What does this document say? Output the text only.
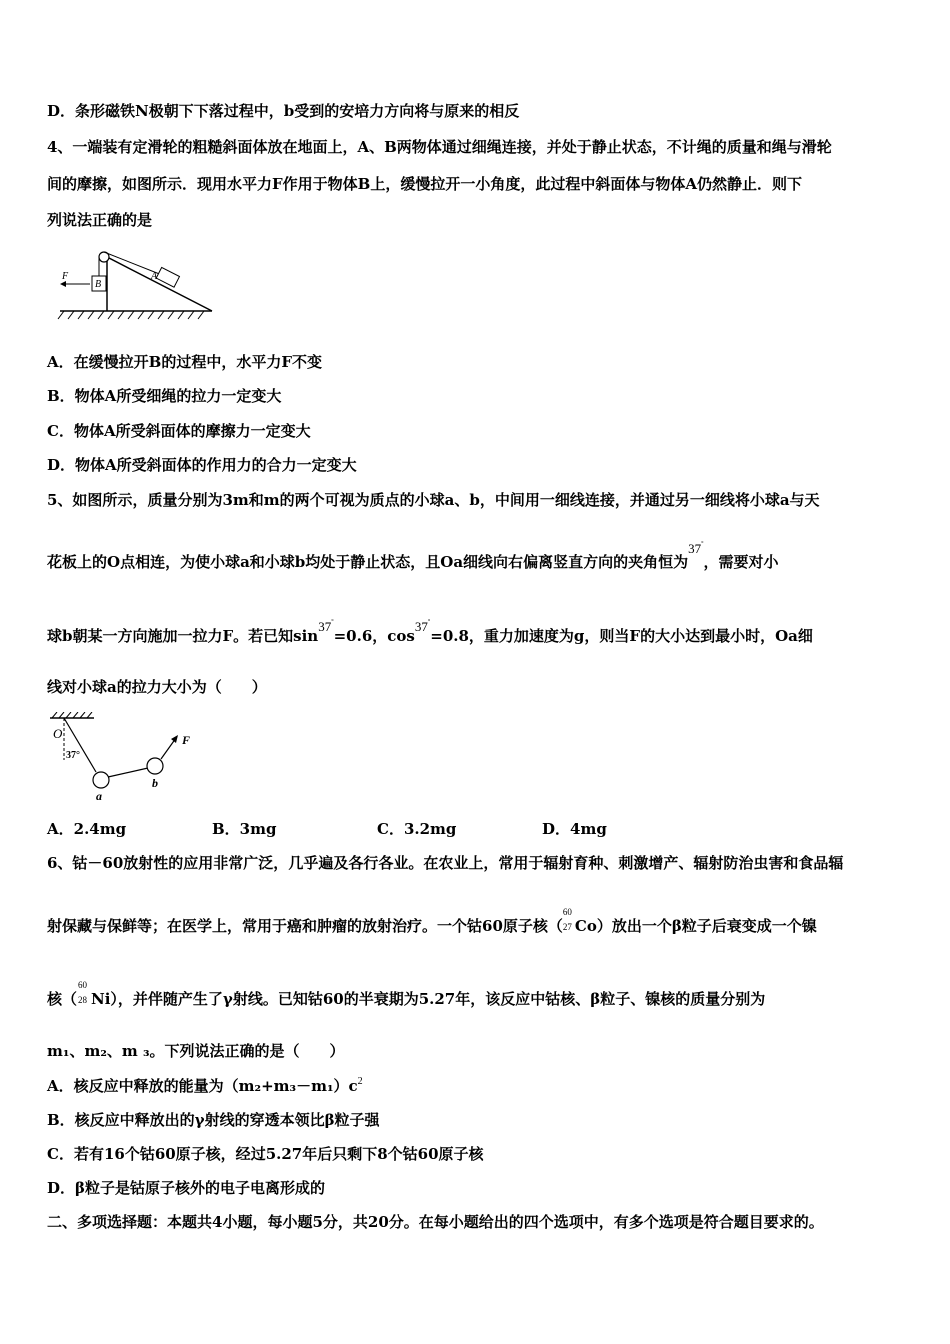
D．条形磁铁N极朝下下落过程中，b受到的安培力方向将与原来的相反
4、一端装有定滑轮的粗糙斜面体放在地面上，A、B两物体通过细绳连接，并处于静止状态，不计绳的质量和绳与滑轮
间的摩擦，如图所示．现用水平力F作用于物体B上，缓慢拉开一小角度，此过程中斜面体与物体A仍然静止．则下
列说法正确的是
A
B
F
A．在缓慢拉开B的过程中，水平力F不变
B．物体A所受细绳的拉力一定变大
C．物体A所受斜面体的摩擦力一定变大
D．物体A所受斜面体的作用力的合力一定变大
5、如图所示，质量分别为3m和m的两个可视为质点的小球a、b，中间用一细线连接，并通过另一细线将小球a与天
花板上的O点相连，为使小球a和小球b均处于静止状态，且Oa细线向右偏离竖直方向的夹角恒为37°，需要对小
球b朝某一方向施加一拉力F。若已知sin37°=0.6，cos37°=0.8，重力加速度为g，则当F的大小达到最小时，Oa细
线对小球a的拉力大小为（　　）
O
37°
a
b
F
A．2.4mg	B．3mg	C．3.2mg	D．4mg
6、钴－60放射性的应用非常广泛，几乎遍及各行各业。在农业上，常用于辐射育种、刺激增产、辐射防治虫害和食品辐
射保藏与保鲜等；在医学上，常用于癌和肿瘤的放射治疗。一个钴60原子核（
60
27 Co）放出一个β粒子后衰变成一个镍
核（
60
28 Ni），并伴随产生了γ射线。已知钴60的半衰期为5.27年，该反应中钴核、β粒子、镍核的质量分别为
m₁、m₂、m ₃。下列说法正确的是（　　）
A．核反应中释放的能量为$(m_2+m_3-m_1)c^2$
B．核反应中释放出的γ射线的穿透本领比β粒子强
C．若有16个钴60原子核，经过5.27年后只剩下8个钴60原子核
D．β粒子是钴原子核外的电子电离形成的
二、多项选择题：本题共4小题，每小题5分，共20分。在每小题给出的四个选项中，有多个选项是符合题目要求的。
